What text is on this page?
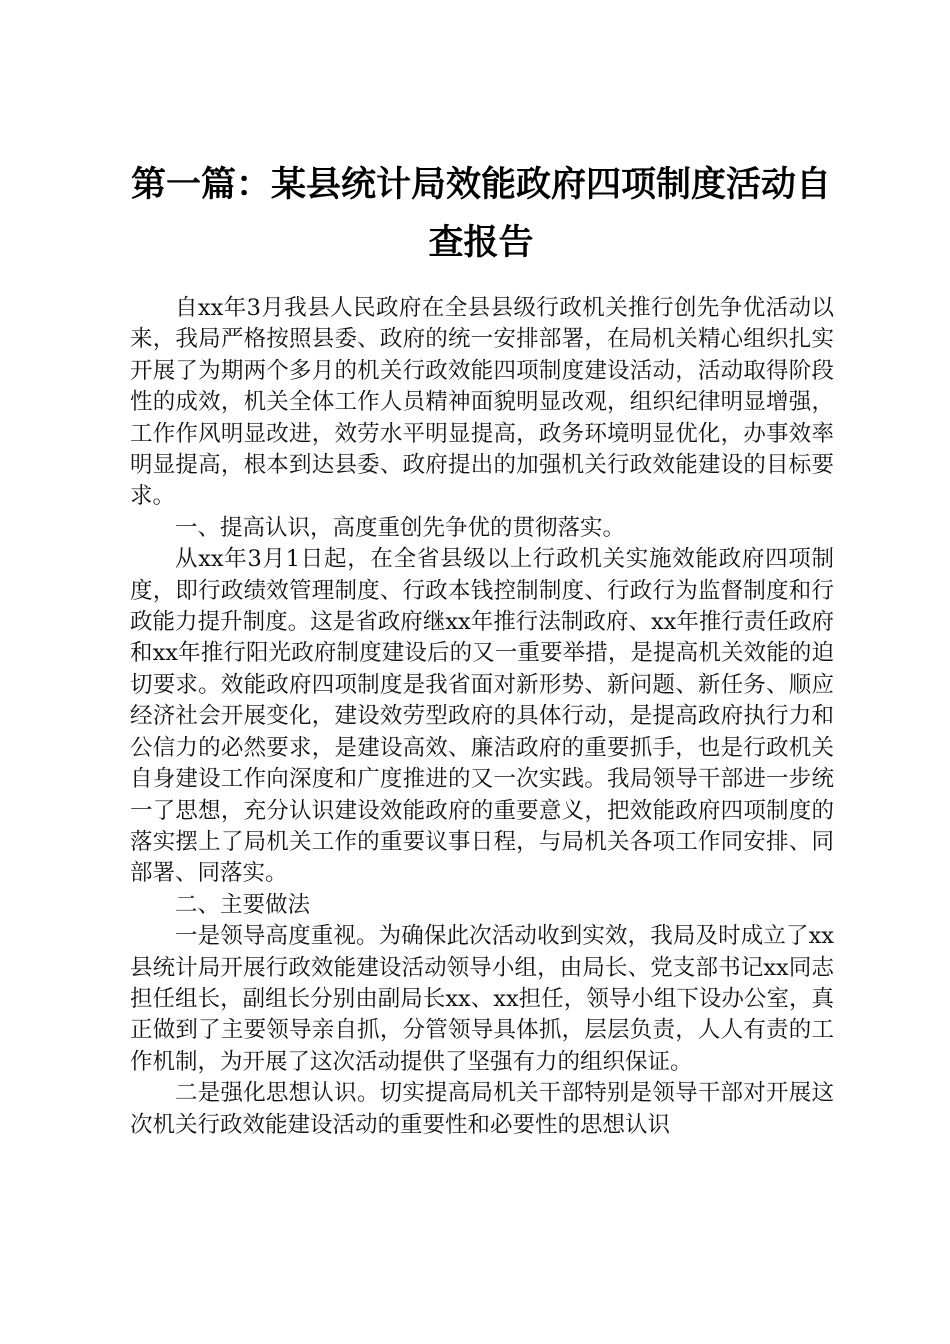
第一篇：某县统计局效能政府四项制度活动自查报告

自xx年3月我县人民政府在全县县级行政机关推行创先争优活动以来，我局严格按照县委、政府的统一安排部署，在局机关精心组织扎实开展了为期两个多月的机关行政效能四项制度建设活动，活动取得阶段性的成效，机关全体工作人员精神面貌明显改观，组织纪律明显增强，工作作风明显改进，效劳水平明显提高，政务环境明显优化，办事效率明显提高，根本到达县委、政府提出的加强机关行政效能建设的目标要求。

一、提高认识，高度重创先争优的贯彻落实。

从xx年3月1日起，在全省县级以上行政机关实施效能政府四项制度，即行政绩效管理制度、行政本钱控制制度、行政行为监督制度和行政能力提升制度。这是省政府继xx年推行法制政府、xx年推行责任政府和xx年推行阳光政府制度建设后的又一重要举措，是提高机关效能的迫切要求。效能政府四项制度是我省面对新形势、新问题、新任务、顺应经济社会开展变化，建设效劳型政府的具体行动，是提高政府执行力和公信力的必然要求，是建设高效、廉洁政府的重要抓手，也是行政机关自身建设工作向深度和广度推进的又一次实践。我局领导干部进一步统一了思想，充分认识建设效能政府的重要意义，把效能政府四项制度的落实摆上了局机关工作的重要议事日程，与局机关各项工作同安排、同部署、同落实。

二、主要做法

一是领导高度重视。为确保此次活动收到实效，我局及时成立了xx县统计局开展行政效能建设活动领导小组，由局长、党支部书记xx同志担任组长，副组长分别由副局长xx、xx担任，领导小组下设办公室，真正做到了主要领导亲自抓，分管领导具体抓，层层负责，人人有责的工作机制，为开展了这次活动提供了坚强有力的组织保证。

二是强化思想认识。切实提高局机关干部特别是领导干部对开展这次机关行政效能建设活动的重要性和必要性的思想认识
